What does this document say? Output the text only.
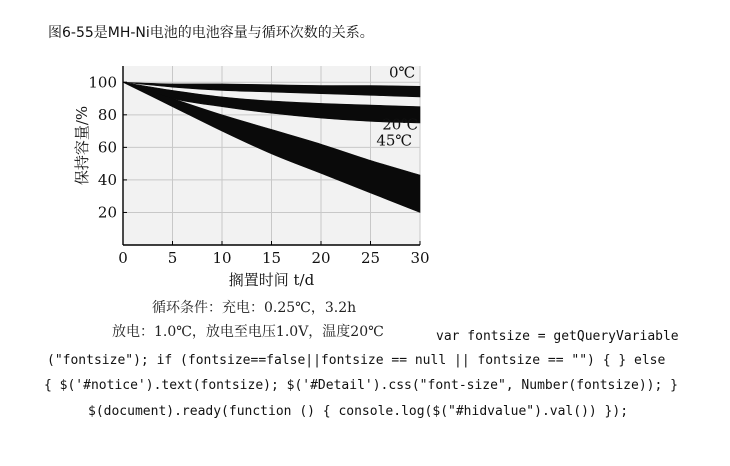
图6-55是MH-Ni电池的电池容量与循环次数的关系。
0℃
20℃
45℃
0	5 10 15 20 25 30
20
40
60
80
100
搁置时间 t/d
保持容量/%
循环条件：充电：0.25℃，3.2h
放电：1.0℃，放电至电压1.0V，温度20℃	var fontsize = getQueryVariable
("fontsize"); if (fontsize==false||fontsize == null || fontsize == "") { } else
{ $('#notice').text(fontsize); $('#Detail').css("font-size", Number(fontsize)); }
$(document).ready(function () { console.log($("#hidvalue").val()) });
